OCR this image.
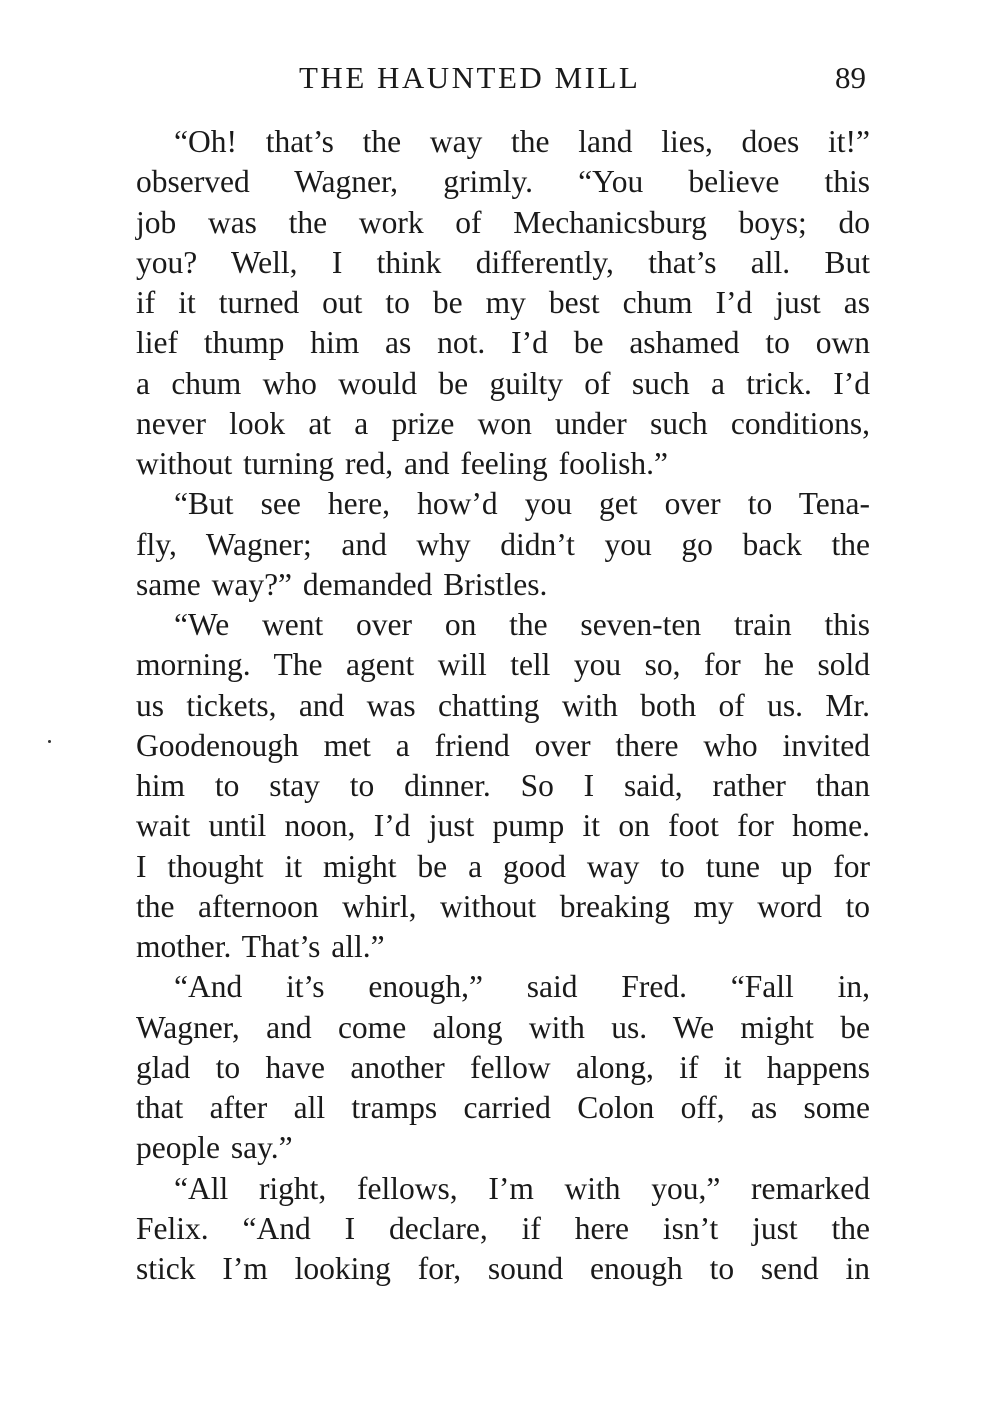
THE HAUNTED MILL	89
“Oh! that’s the way the land lies, does it!”
observed Wagner, grimly. “You believe this
job was the work of Mechanicsburg boys; do
you? Well, I think differently, that’s all. But
if it turned out to be my best chum I’d just as
lief thump him as not. I’d be ashamed to own
a chum who would be guilty of such a trick. I’d
never look at a prize won under such conditions,
without turning red, and feeling foolish.”
“But see here, how’d you get over to Tena-
fly, Wagner; and why didn’t you go back the
same way?” demanded Bristles.
“We went over on the seven-ten train this
morning. The agent will tell you so, for he sold
us tickets, and was chatting with both of us. Mr.
Goodenough met a friend over there who invited
him to stay to dinner. So I said, rather than
wait until noon, I’d just pump it on foot for home.
I thought it might be a good way to tune up for
the afternoon whirl, without breaking my word to
mother. That’s all.”
“And it’s enough,” said Fred. “Fall in,
Wagner, and come along with us. We might be
glad to have another fellow along, if it happens
that after all tramps carried Colon off, as some
people say.”
“All right, fellows, I’m with you,” remarked
Felix. “And I declare, if here isn’t just the
stick I’m looking for, sound enough to send in
